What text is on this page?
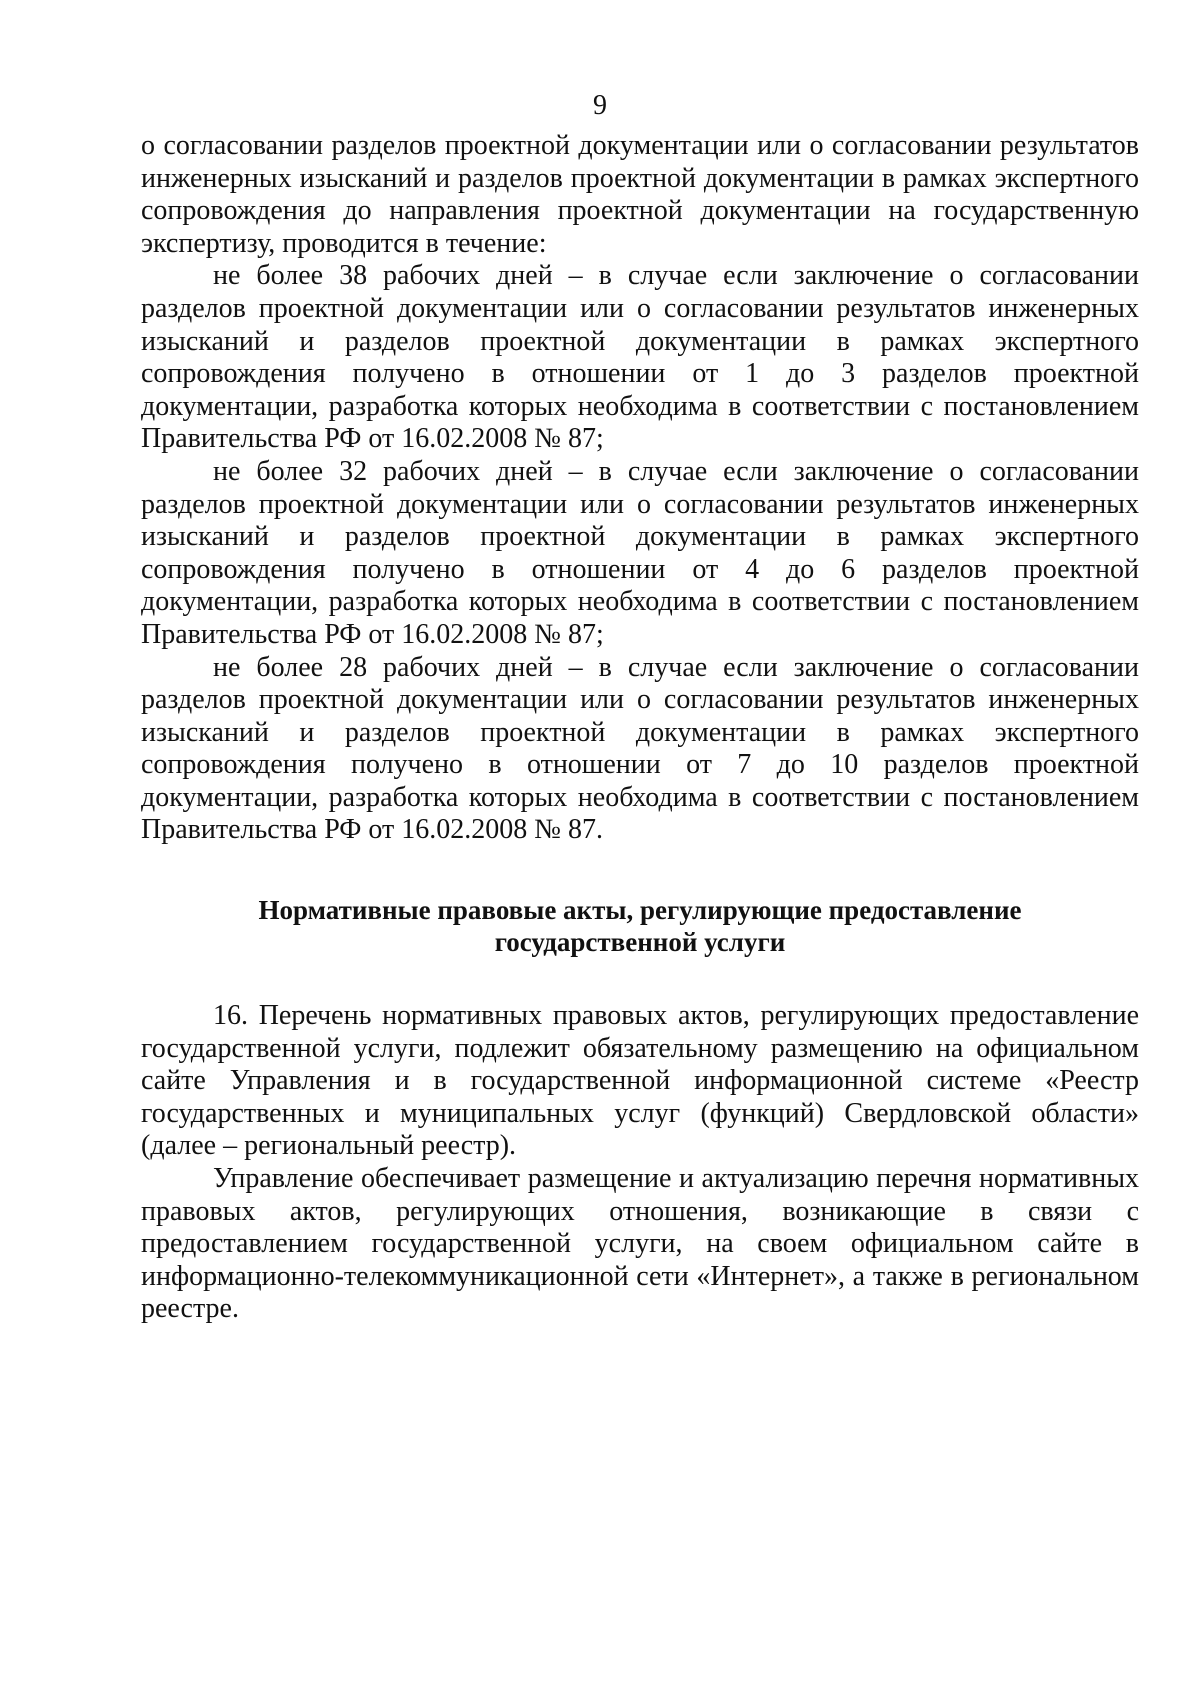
9

о согласовании разделов проектной документации или о согласовании результатов инженерных изысканий и разделов проектной документации в рамках экспертного сопровождения до направления проектной документации на государственную экспертизу, проводится в течение:

не более 38 рабочих дней – в случае если заключение о согласовании разделов проектной документации или о согласовании результатов инженерных изысканий и разделов проектной документации в рамках экспертного сопровождения получено в отношении от 1 до 3 разделов проектной документации, разработка которых необходима в соответствии с постановлением Правительства РФ от 16.02.2008 № 87;

не более 32 рабочих дней – в случае если заключение о согласовании разделов проектной документации или о согласовании результатов инженерных изысканий и разделов проектной документации в рамках экспертного сопровождения получено в отношении от 4 до 6 разделов проектной документации, разработка которых необходима в соответствии с постановлением Правительства РФ от 16.02.2008 № 87;

не более 28 рабочих дней – в случае если заключение о согласовании разделов проектной документации или о согласовании результатов инженерных изысканий и разделов проектной документации в рамках экспертного сопровождения получено в отношении от 7 до 10 разделов проектной документации, разработка которых необходима в соответствии с постановлением Правительства РФ от 16.02.2008 № 87.

Нормативные правовые акты, регулирующие предоставление
государственной услуги

16. Перечень нормативных правовых актов, регулирующих предоставление государственной услуги, подлежит обязательному размещению на официальном сайте Управления и в государственной информационной системе «Реестр государственных и муниципальных услуг (функций) Свердловской области» (далее – региональный реестр).

Управление обеспечивает размещение и актуализацию перечня нормативных правовых актов, регулирующих отношения, возникающие в связи с предоставлением государственной услуги, на своем официальном сайте в информационно-телекоммуникационной сети «Интернет», а также в региональном реестре.
